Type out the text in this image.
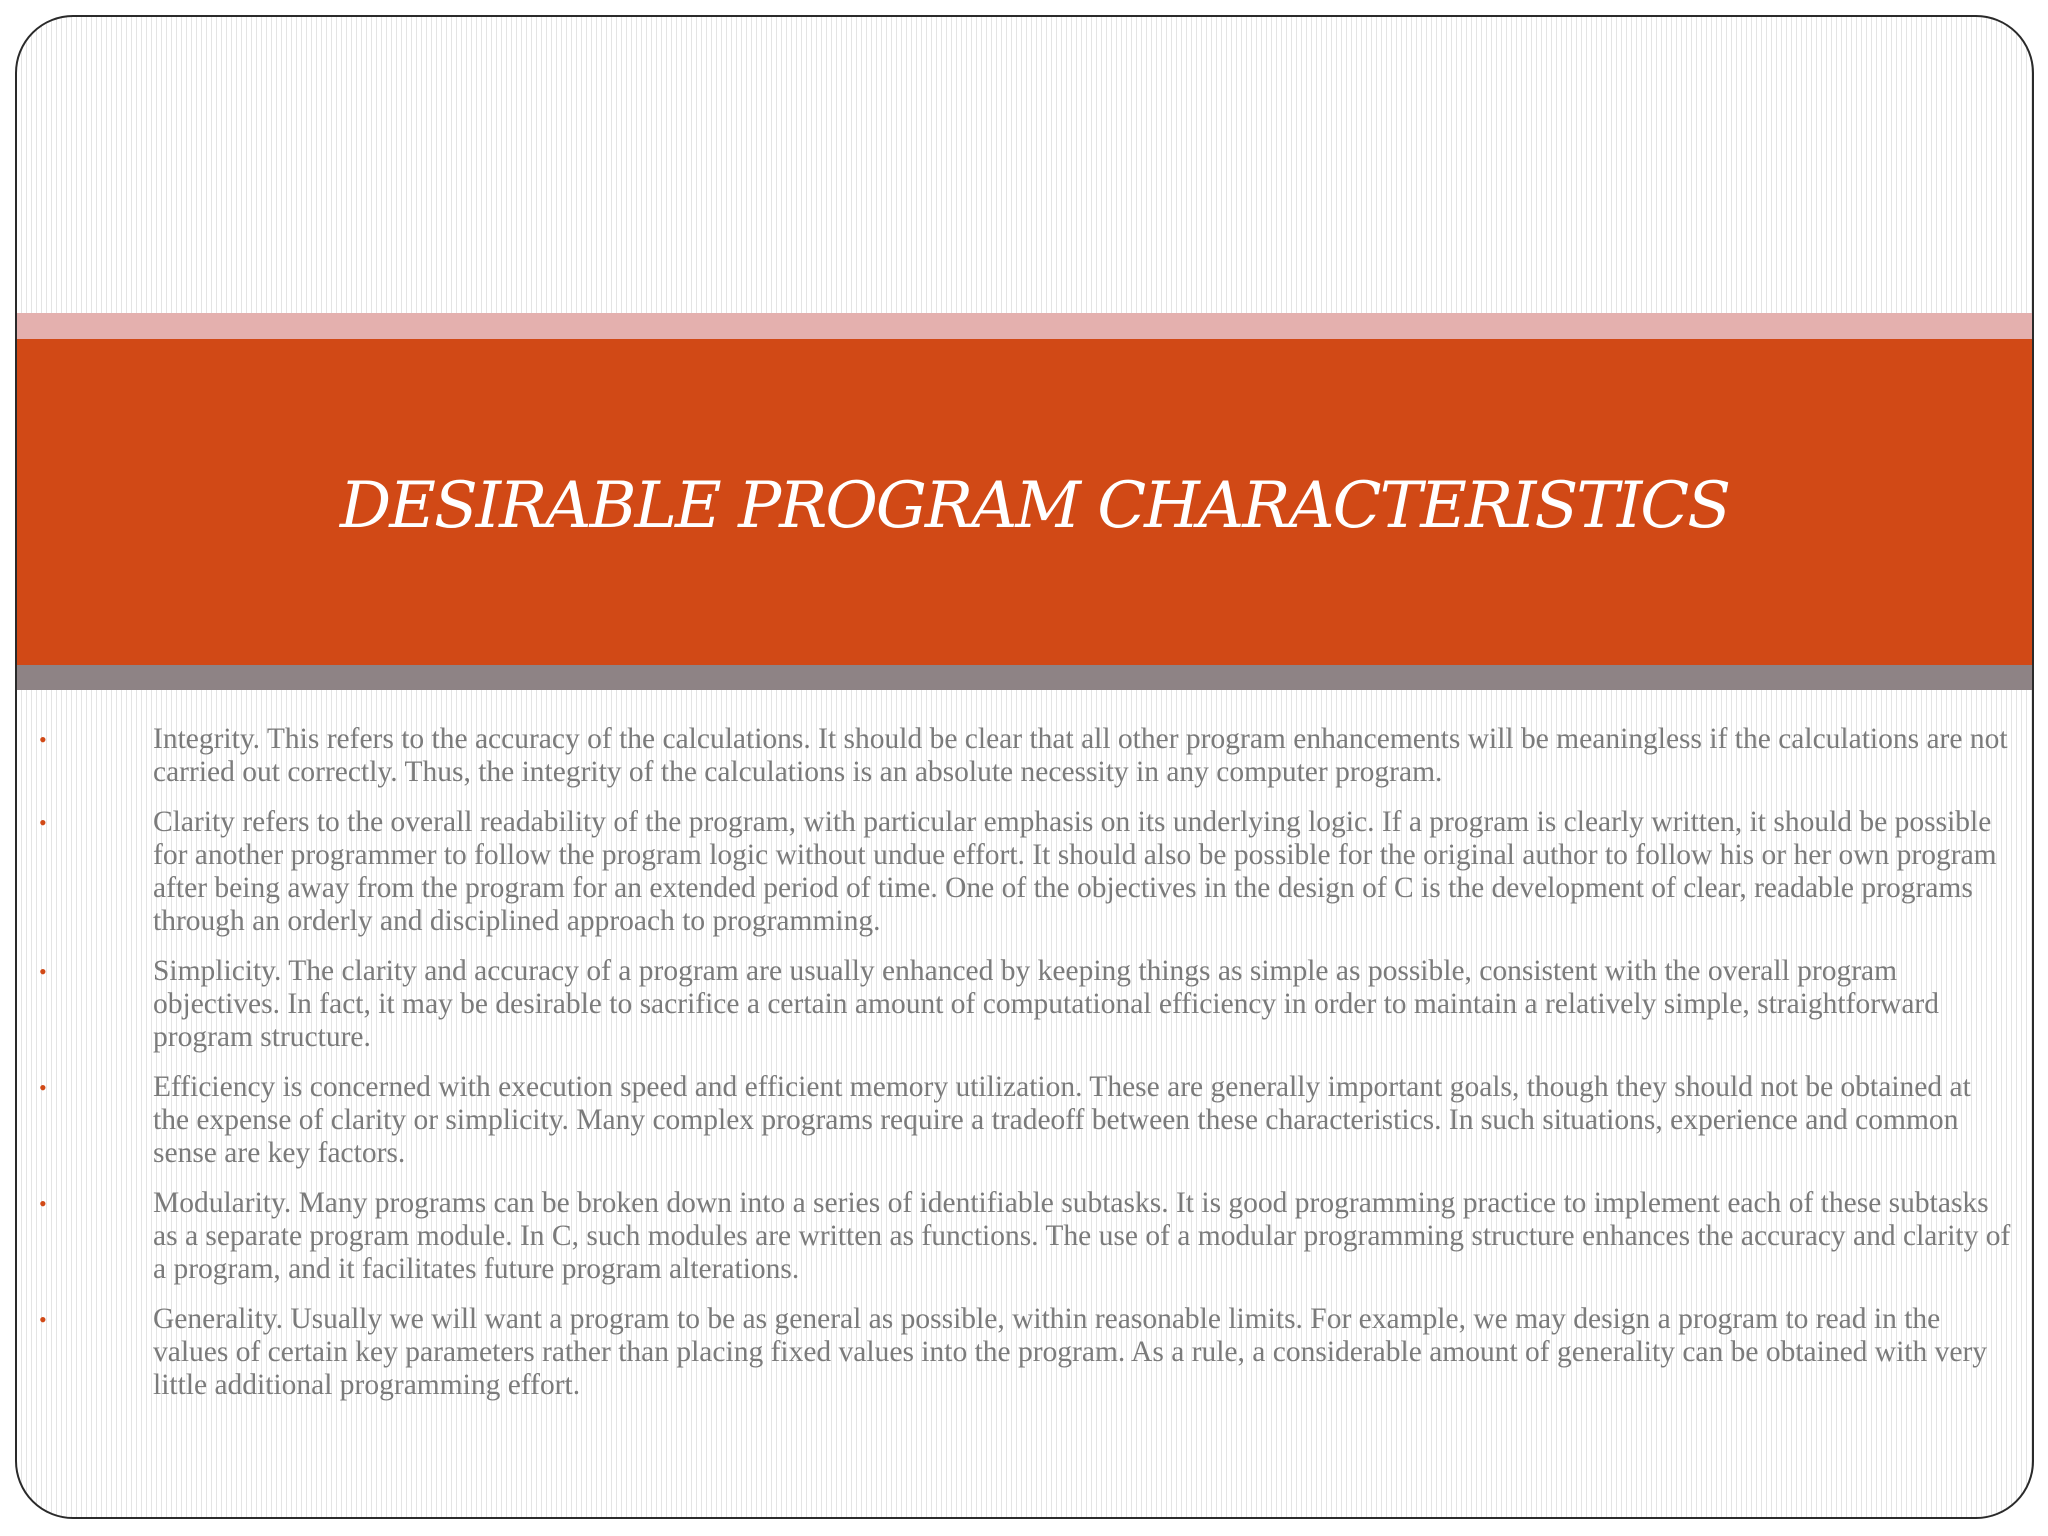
DESIRABLE PROGRAM CHARACTERISTICS
•	Integrity. This refers to the accuracy of the calculations. It should be clear that all other program enhancements will be meaningless if the calculations are not carried out correctly. Thus, the integrity of the calculations is an absolute necessity in any computer program.
•	Clarity refers to the overall readability of the program, with particular emphasis on its underlying logic. If a program is clearly written, it should be possible for another programmer to follow the program logic without undue effort. It should also be possible for the original author to follow his or her own program after being away from the program for an extended period of time. One of the objectives in the design of C is the development of clear, readable programs through an orderly and disciplined approach to programming.
•	Simplicity. The clarity and accuracy of a program are usually enhanced by keeping things as simple as possible, consistent with the overall program objectives. In fact, it may be desirable to sacrifice a certain amount of computational efficiency in order to maintain a relatively simple, straightforward program structure.
•	Efficiency is concerned with execution speed and efficient memory utilization. These are generally important goals, though they should not be obtained at the expense of clarity or simplicity. Many complex programs require a tradeoff between these characteristics. In such situations, experience and common sense are key factors.
•	Modularity. Many programs can be broken down into a series of identifiable subtasks. It is good programming practice to implement each of these subtasks as a separate program module. In C, such modules are written as functions. The use of a modular programming structure enhances the accuracy and clarity of a program, and it facilitates future program alterations.
•	Generality. Usually we will want a program to be as general as possible, within reasonable limits. For example, we may design a program to read in the values of certain key parameters rather than placing fixed values into the program. As a rule, a considerable amount of generality can be obtained with very little additional programming effort.
